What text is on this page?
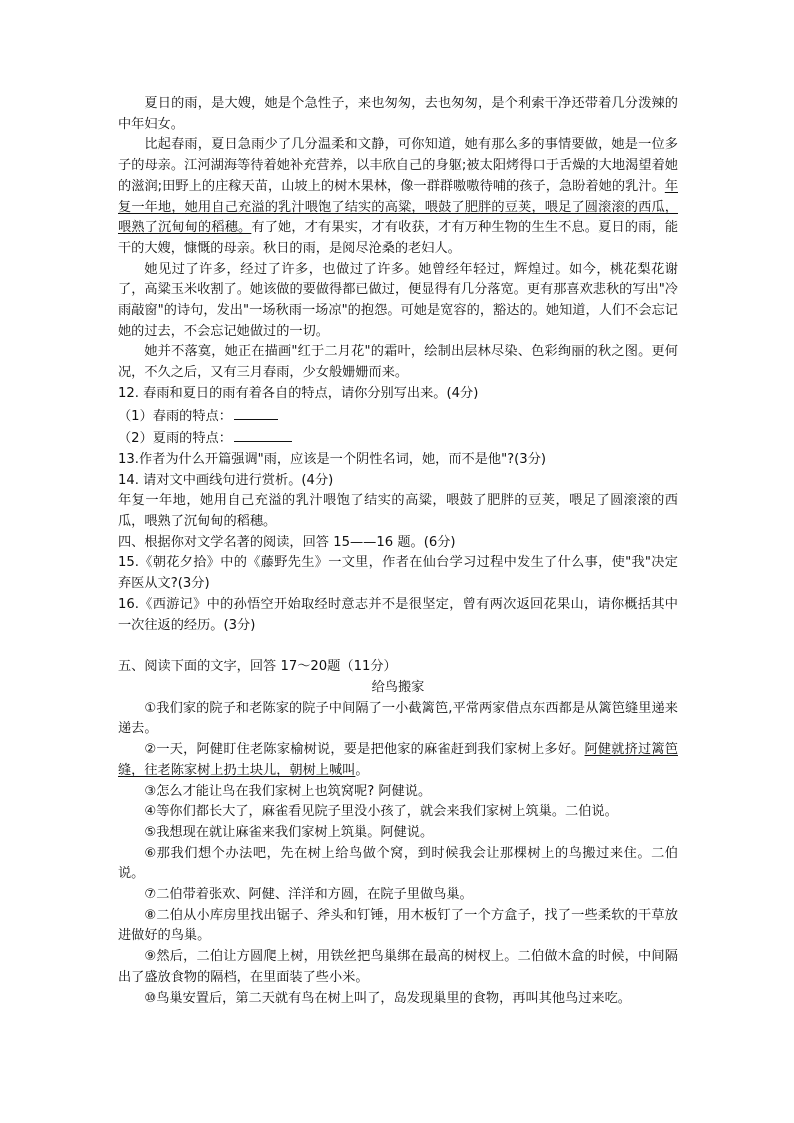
夏日的雨，是大嫂，她是个急性子，来也匆匆，去也匆匆，是个利索干净还带着几分泼辣的中年妇女。

比起春雨，夏日急雨少了几分温柔和文静，可你知道，她有那么多的事情要做，她是一位多子的母亲。江河湖海等待着她补充营养，以丰欣自己的身躯;被太阳烤得口于舌燥的大地渴望着她的滋润;田野上的庄稼天苗，山坡上的树木果林，像一群群嗷嗷待哺的孩子，急盼着她的乳汁。年复一年地，她用自己充溢的乳汁喂饱了结实的高粱，喂鼓了肥胖的豆荚，喂足了圆滚滚的西瓜，喂熟了沉甸甸的稻穗。有了她，才有果实，才有收获，才有万种生物的生生不息。夏日的雨，能干的大嫂，慷慨的母亲。秋日的雨，是阅尽沧桑的老妇人。

她见过了许多，经过了许多，也做过了许多。她曾经年轻过，辉煌过。如今，桃花梨花谢了，高粱玉米收割了。她该做的要做得都已做过，便显得有几分落宽。更有那喜欢悲秋的写出"冷雨敲窗"的诗句，发出"一场秋雨一场凉"的抱怨。可她是宽容的，豁达的。她知道，人们不会忘记她的过去，不会忘记她做过的一切。

她并不落寞，她正在描画"红于二月花"的霜叶，绘制出层林尽染、色彩绚丽的秋之图。更何况，不久之后，又有三月春雨，少女般姗姗而来。

12. 春雨和夏日的雨有着各自的特点，请你分别写出来。(4分)

（1）春雨的特点：

（2）夏雨的特点：

13.作者为什么开篇强调"雨，应该是一个阴性名词，她，而不是他"?(3分)

14. 请对文中画线句进行赏析。(4分)

年复一年地，她用自己充溢的乳汁喂饱了结实的高粱，喂鼓了肥胖的豆荚，喂足了圆滚滚的西瓜，喂熟了沉甸甸的稻穗。

四、根据你对文学名著的阅读，回答 15——16 题。(6分)

15.《朝花夕拾》中的《藤野先生》一文里，作者在仙台学习过程中发生了什么事，使"我"决定弃医从文?(3分)

16.《西游记》中的孙悟空开始取经时意志并不是很坚定，曾有两次返回花果山，请你概括其中一次往返的经历。(3分)

五、阅读下面的文字，回答 17～20题（11分）

给鸟搬家

①我们家的院子和老陈家的院子中间隔了一小截篱笆,平常两家借点东西都是从篱笆缝里递来递去。

②一天，阿健盯住老陈家榆树说，要是把他家的麻雀赶到我们家树上多好。阿健就挤过篱笆缝，往老陈家树上扔土块儿，朝树上喊叫。

③怎么才能让鸟在我们家树上也筑窝呢? 阿健说。

④等你们都长大了，麻雀看见院子里没小孩了，就会来我们家树上筑巢。二伯说。

⑤我想现在就让麻雀来我们家树上筑巢。阿健说。

⑥那我们想个办法吧，先在树上给鸟做个窝，到时候我会让那棵树上的鸟搬过来住。二伯说。

⑦二伯带着张欢、阿健、洋洋和方圆，在院子里做鸟巢。

⑧二伯从小库房里找出锯子、斧头和钉锤，用木板钉了一个方盒子，找了一些柔软的干草放进做好的鸟巢。

⑨然后，二伯让方圆爬上树，用铁丝把鸟巢绑在最高的树杈上。二伯做木盒的时候，中间隔出了盛放食物的隔档，在里面装了些小米。

⑩鸟巢安置后，第二天就有鸟在树上叫了，岛发现巢里的食物，再叫其他鸟过来吃。
